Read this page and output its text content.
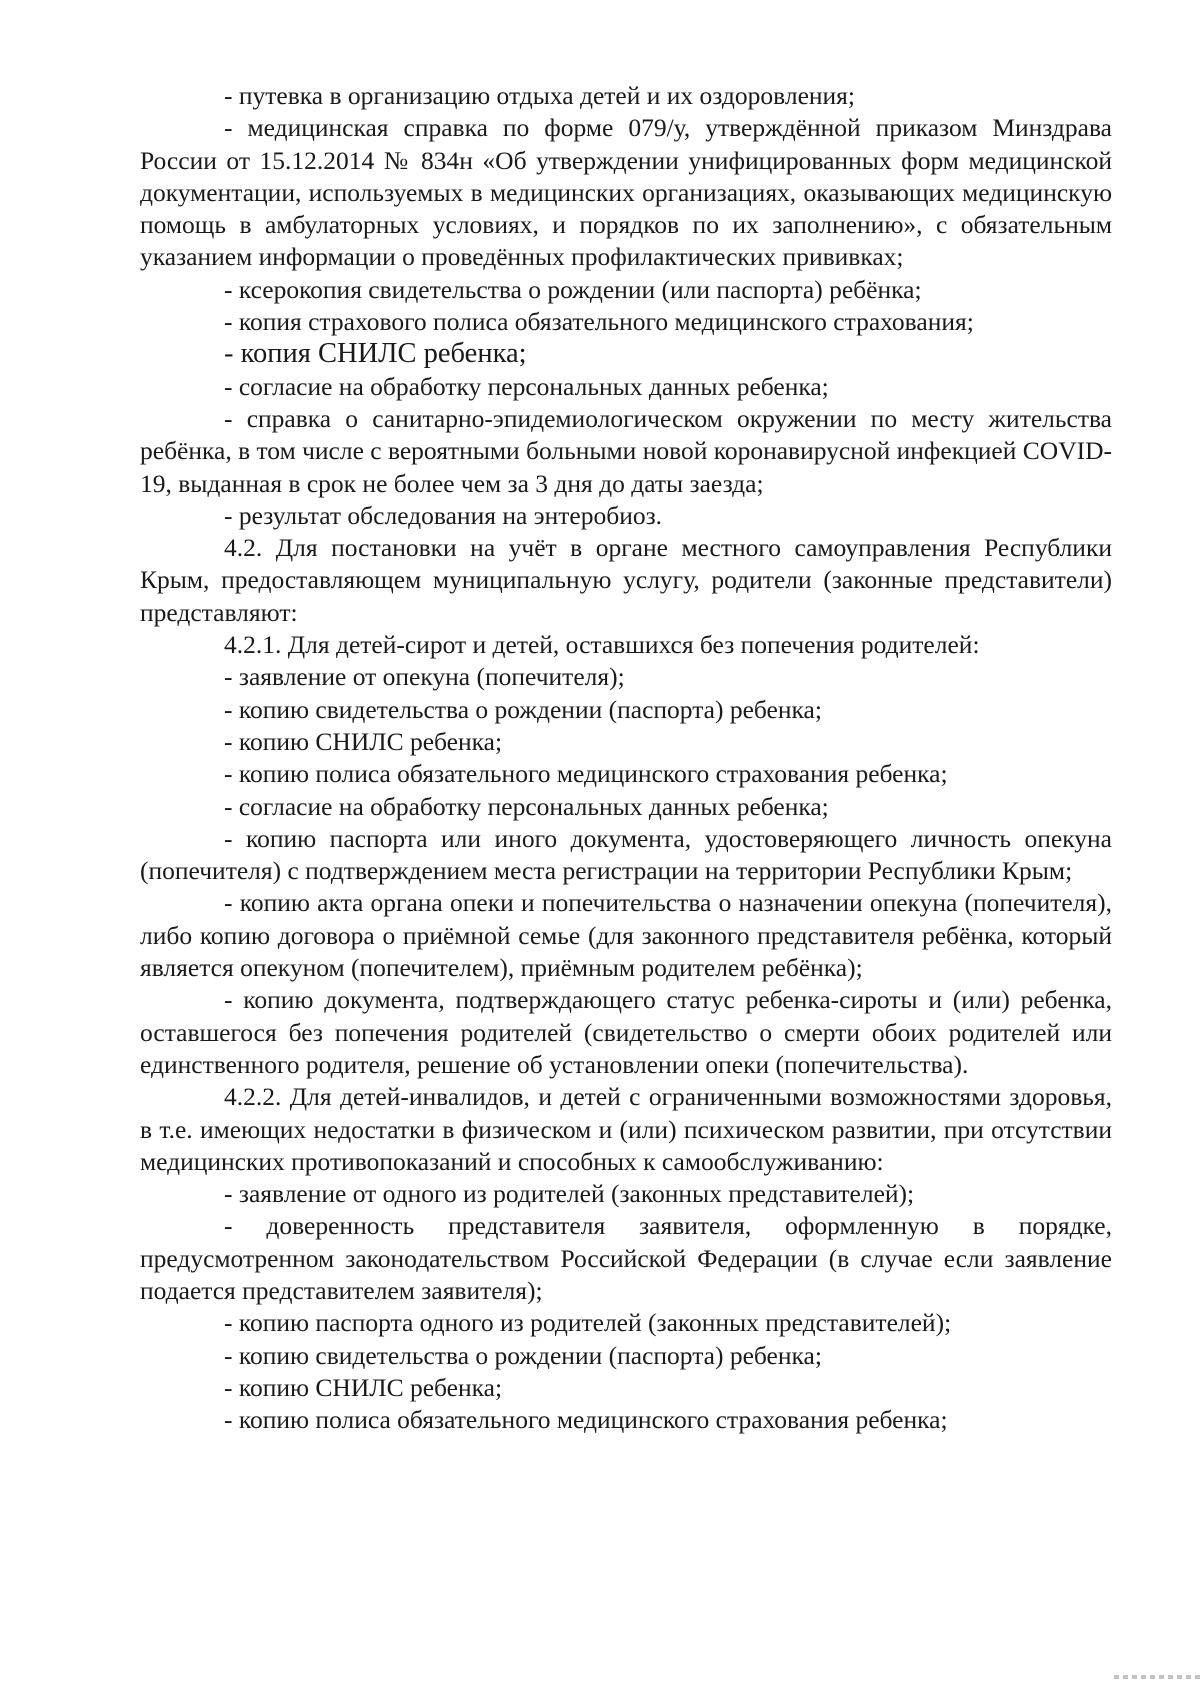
- путевка в организацию отдыха детей и их оздоровления;

- медицинская справка по форме 079/у, утверждённой приказом Минздрава России от 15.12.2014 № 834н «Об утверждении унифицированных форм медицинской документации, используемых в медицинских организациях, оказывающих медицинскую помощь в амбулаторных условиях, и порядков по их заполнению», с обязательным указанием информации о проведённых профилактических прививках;

- ксерокопия свидетельства о рождении (или паспорта) ребёнка;

- копия страхового полиса обязательного медицинского страхования;

- копия СНИЛС ребенка;

- согласие на обработку персональных данных ребенка;

- справка о санитарно-эпидемиологическом окружении по месту жительства ребёнка, в том числе с вероятными больными новой коронавирусной инфекцией COVID-19, выданная в срок не более чем за 3 дня до даты заезда;

- результат обследования на энтеробиоз.

4.2. Для постановки на учёт в органе местного самоуправления Республики Крым, предоставляющем муниципальную услугу, родители (законные представители) представляют:

4.2.1. Для детей-сирот и детей, оставшихся без попечения родителей:

- заявление от опекуна (попечителя);

- копию свидетельства о рождении (паспорта) ребенка;

- копию СНИЛС ребенка;

- копию полиса обязательного медицинского страхования ребенка;

- согласие на обработку персональных данных ребенка;

- копию паспорта или иного документа, удостоверяющего личность опекуна (попечителя) с подтверждением места регистрации на территории Республики Крым;

- копию акта органа опеки и попечительства о назначении опекуна (попечителя), либо копию договора о приёмной семье (для законного представителя ребёнка, который является опекуном (попечителем), приёмным родителем ребёнка);

- копию документа, подтверждающего статус ребенка-сироты и (или) ребенка, оставшегося без попечения родителей (свидетельство о смерти обоих родителей или единственного родителя, решение об установлении опеки (попечительства).

4.2.2. Для детей-инвалидов, и детей с ограниченными возможностями здоровья, в т.е. имеющих недостатки в физическом и (или) психическом развитии, при отсутствии медицинских противопоказаний и способных к самообслуживанию:

- заявление от одного из родителей (законных представителей);

- доверенность представителя заявителя, оформленную в порядке, предусмотренном законодательством Российской Федерации (в случае если заявление подается представителем заявителя);

- копию паспорта одного из родителей (законных представителей);

- копию свидетельства о рождении (паспорта) ребенка;

- копию СНИЛС ребенка;

- копию полиса обязательного медицинского страхования ребенка;
